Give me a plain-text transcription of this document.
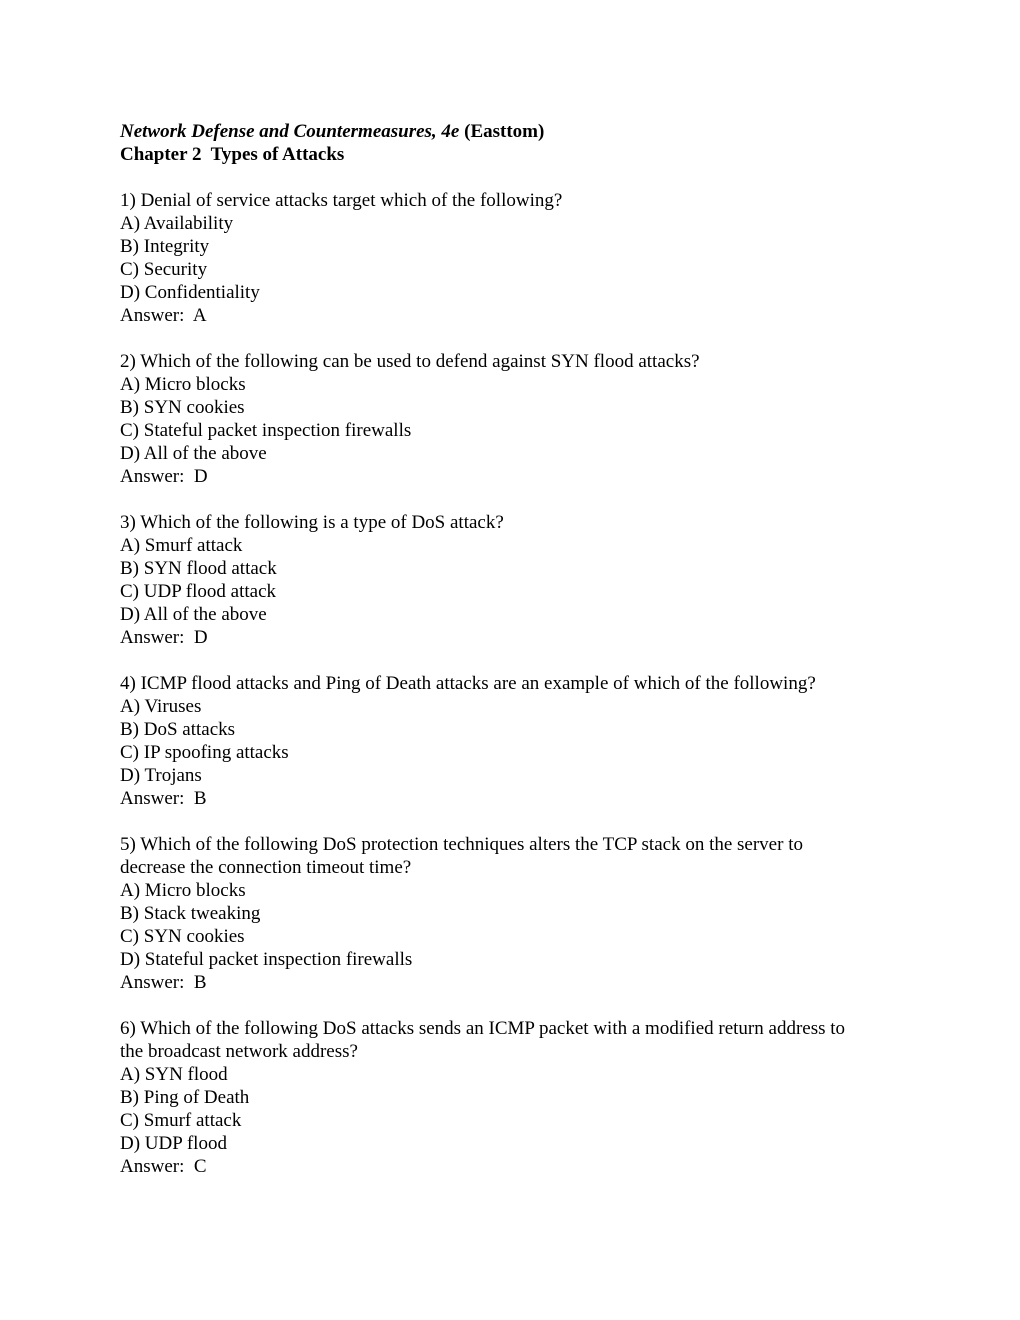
Network Defense and Countermeasures, 4e (Easttom)
Chapter 2  Types of Attacks
1) Denial of service attacks target which of the following?
A) Availability
B) Integrity
C) Security
D) Confidentiality
Answer:  A
2) Which of the following can be used to defend against SYN flood attacks?
A) Micro blocks
B) SYN cookies
C) Stateful packet inspection firewalls
D) All of the above
Answer:  D
3) Which of the following is a type of DoS attack?
A) Smurf attack
B) SYN flood attack
C) UDP flood attack
D) All of the above
Answer:  D
4) ICMP flood attacks and Ping of Death attacks are an example of which of the following?
A) Viruses
B) DoS attacks
C) IP spoofing attacks
D) Trojans
Answer:  B
5) Which of the following DoS protection techniques alters the TCP stack on the server to
decrease the connection timeout time?
A) Micro blocks
B) Stack tweaking
C) SYN cookies
D) Stateful packet inspection firewalls
Answer:  B
6) Which of the following DoS attacks sends an ICMP packet with a modified return address to
the broadcast network address?
A) SYN flood
B) Ping of Death
C) Smurf attack
D) UDP flood
Answer:  C
